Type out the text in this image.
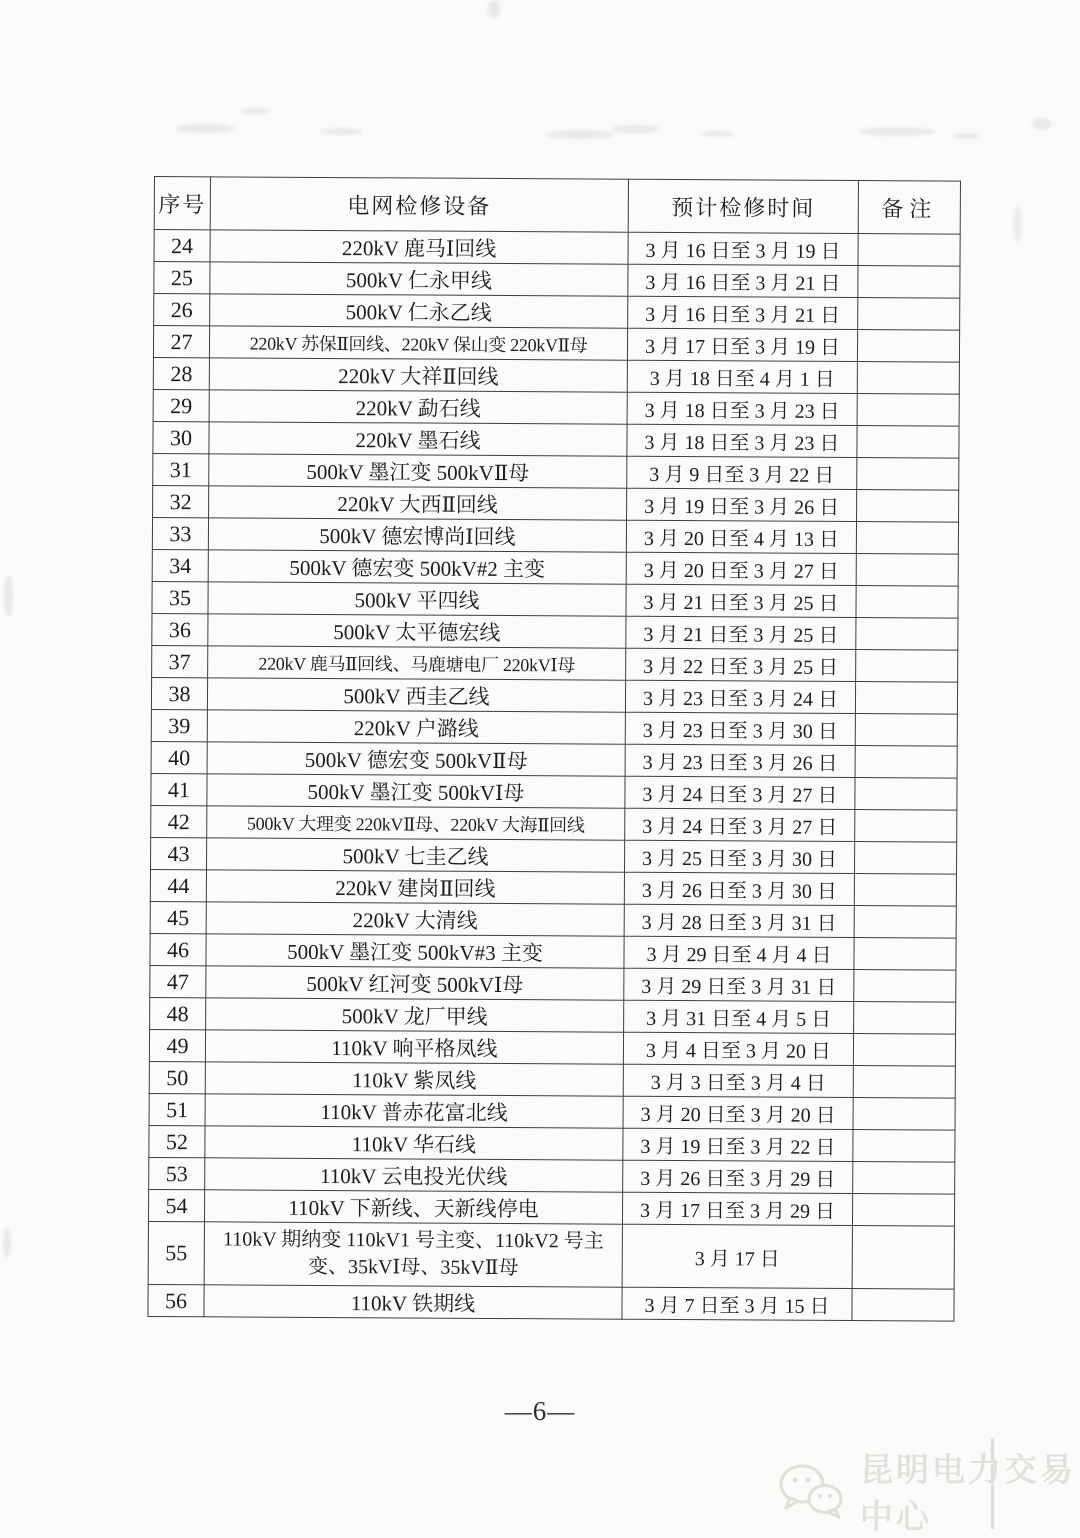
序号	电网检修设备	预计检修时间	备注
24	220kV 鹿马Ⅰ回线	3 月 16 日至 3 月 19 日	
25	500kV 仁永甲线	3 月 16 日至 3 月 21 日	
26	500kV 仁永乙线	3 月 16 日至 3 月 21 日	
27	220kV 苏保Ⅱ回线、220kV 保山变 220kVⅡ母	3 月 17 日至 3 月 19 日	
28	220kV 大祥Ⅱ回线	3 月 18 日至 4 月 1 日	
29	220kV 勐石线	3 月 18 日至 3 月 23 日	
30	220kV 墨石线	3 月 18 日至 3 月 23 日	
31	500kV 墨江变 500kVⅡ母	3 月 9 日至 3 月 22 日	
32	220kV 大西Ⅱ回线	3 月 19 日至 3 月 26 日	
33	500kV 德宏博尚Ⅰ回线	3 月 20 日至 4 月 13 日	
34	500kV 德宏变 500kV#2 主变	3 月 20 日至 3 月 27 日	
35	500kV 平四线	3 月 21 日至 3 月 25 日	
36	500kV 太平德宏线	3 月 21 日至 3 月 25 日	
37	220kV 鹿马Ⅱ回线、马鹿塘电厂 220kVⅠ母	3 月 22 日至 3 月 25 日	
38	500kV 西圭乙线	3 月 23 日至 3 月 24 日	
39	220kV 户潞线	3 月 23 日至 3 月 30 日	
40	500kV 德宏变 500kVⅡ母	3 月 23 日至 3 月 26 日	
41	500kV 墨江变 500kVⅠ母	3 月 24 日至 3 月 27 日	
42	500kV 大理变 220kVⅡ母、220kV 大海Ⅱ回线	3 月 24 日至 3 月 27 日	
43	500kV 七圭乙线	3 月 25 日至 3 月 30 日	
44	220kV 建岗Ⅱ回线	3 月 26 日至 3 月 30 日	
45	220kV 大清线	3 月 28 日至 3 月 31 日	
46	500kV 墨江变 500kV#3 主变	3 月 29 日至 4 月 4 日	
47	500kV 红河变 500kVⅠ母	3 月 29 日至 3 月 31 日	
48	500kV 龙厂甲线	3 月 31 日至 4 月 5 日	
49	110kV 响平格凤线	3 月 4 日至 3 月 20 日	
50	110kV 紫凤线	3 月 3 日至 3 月 4 日	
51	110kV 普赤花富北线	3 月 20 日至 3 月 20 日	
52	110kV 华石线	3 月 19 日至 3 月 22 日	
53	110kV 云电投光伏线	3 月 26 日至 3 月 29 日	
54	110kV 下新线、天新线停电	3 月 17 日至 3 月 29 日	
55	110kV 期纳变 110kV1 号主变、110kV2 号主变、35kVⅠ母、35kVⅡ母	3 月 17 日	
56	110kV 铁期线	3 月 7 日至 3 月 15 日	
—6—
昆明电力交易中心
